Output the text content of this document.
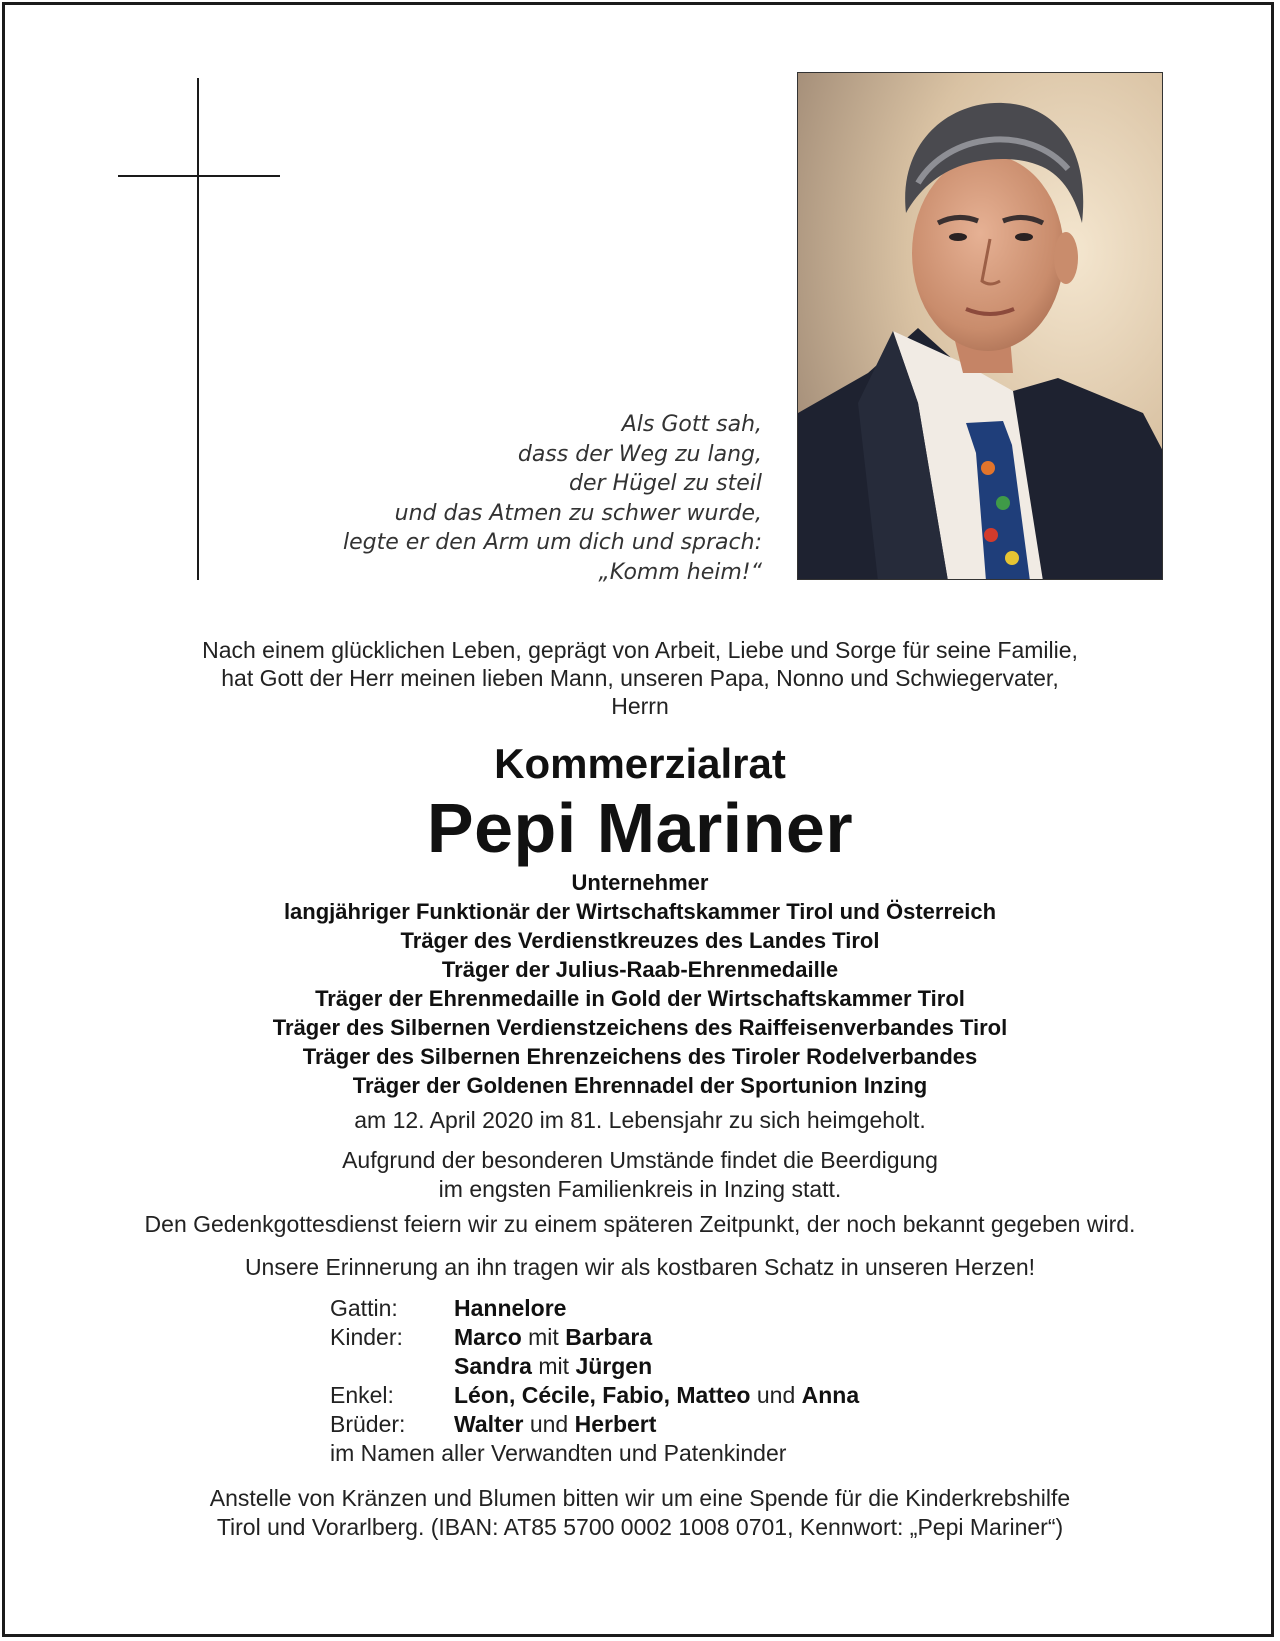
Als Gott sah,
dass der Weg zu lang,
der Hügel zu steil
und das Atmen zu schwer wurde,
legte er den Arm um dich und sprach:
„Komm heim!“
Nach einem glücklichen Leben, geprägt von Arbeit, Liebe und Sorge für seine Familie,
hat Gott der Herr meinen lieben Mann, unseren Papa, Nonno und Schwiegervater,
Herrn
Kommerzialrat
Pepi Mariner
Unternehmer
langjähriger Funktionär der Wirtschaftskammer Tirol und Österreich
Träger des Verdienstkreuzes des Landes Tirol
Träger der Julius-Raab-Ehrenmedaille
Träger der Ehrenmedaille in Gold der Wirtschaftskammer Tirol
Träger des Silbernen Verdienstzeichens des Raiffeisenverbandes Tirol
Träger des Silbernen Ehrenzeichens des Tiroler Rodelverbandes
Träger der Goldenen Ehrennadel der Sportunion Inzing
am 12. April 2020 im 81. Lebensjahr zu sich heimgeholt.
Aufgrund der besonderen Umstände findet die Beerdigung
im engsten Familienkreis in Inzing statt.
Den Gedenkgottesdienst feiern wir zu einem späteren Zeitpunkt, der noch bekannt gegeben wird.
Unsere Erinnerung an ihn tragen wir als kostbaren Schatz in unseren Herzen!
Gattin:	Hannelore
Kinder:	Marco mit Barbara
Sandra mit Jürgen
Enkel:	Léon, Cécile, Fabio, Matteo und Anna
Brüder:	Walter und Herbert
im Namen aller Verwandten und Patenkinder
Anstelle von Kränzen und Blumen bitten wir um eine Spende für die Kinderkrebshilfe
Tirol und Vorarlberg. (IBAN: AT85 5700 0002 1008 0701, Kennwort: „Pepi Mariner“)
